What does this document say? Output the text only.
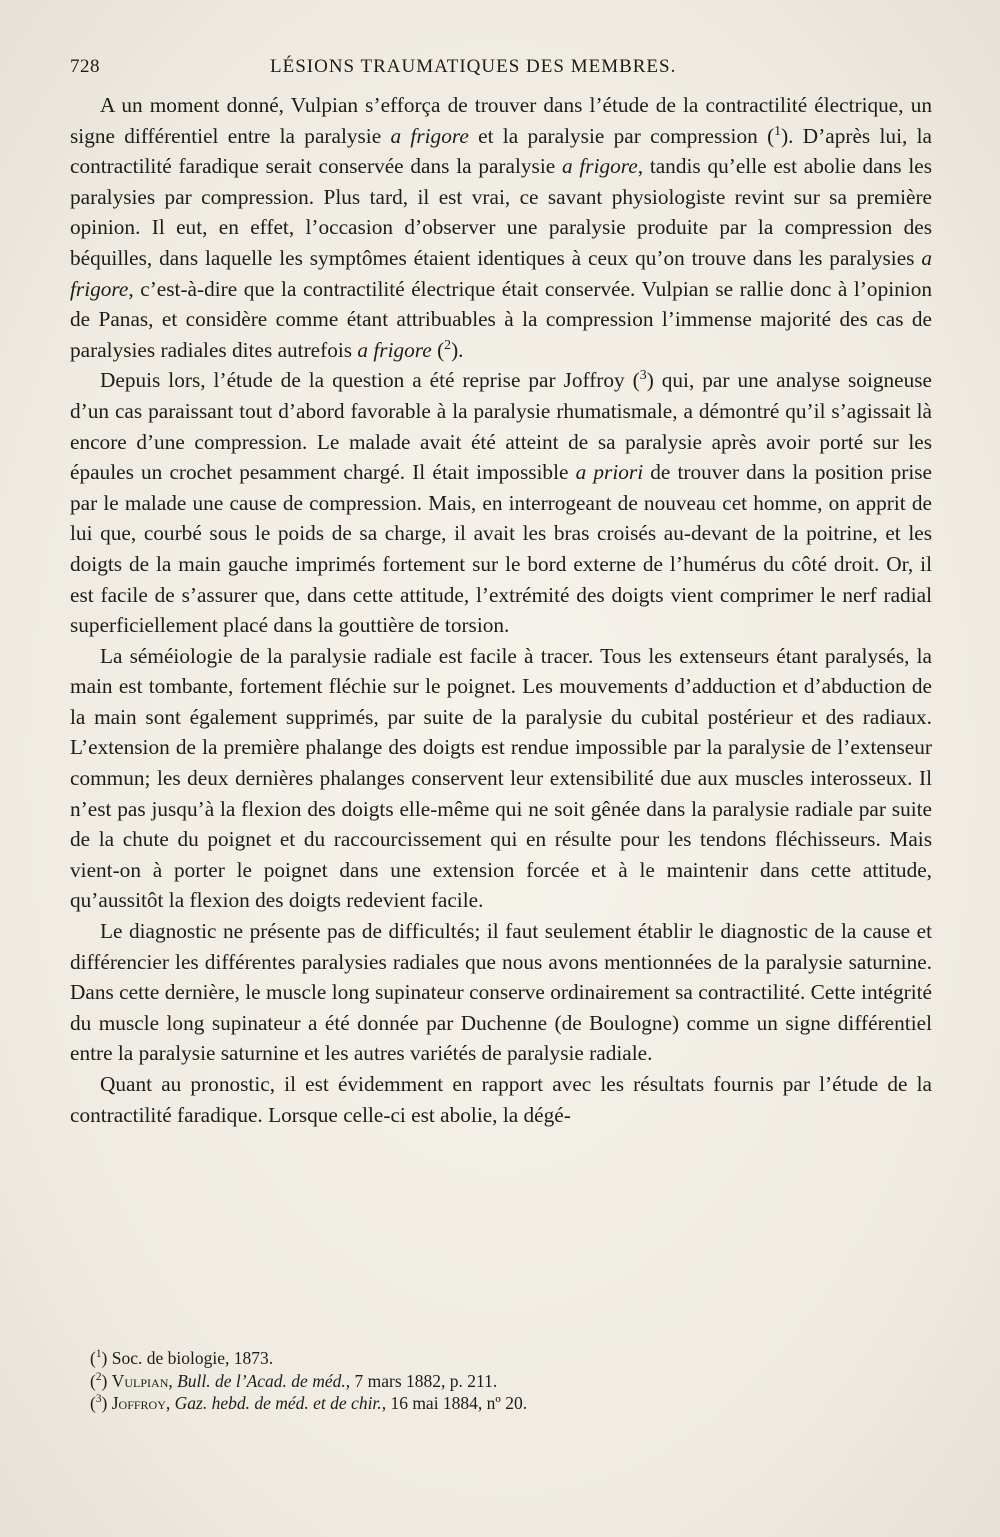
728	LÉSIONS TRAUMATIQUES DES MEMBRES.

A un moment donné, Vulpian s’efforça de trouver dans l’étude de la contractilité électrique, un signe différentiel entre la paralysie a frigore et la paralysie par compression ($^1$). D’après lui, la contractilité faradique serait conservée dans la paralysie a frigore, tandis qu’elle est abolie dans les paralysies par compression. Plus tard, il est vrai, ce savant physiologiste revint sur sa première opinion. Il eut, en effet, l’occasion d’observer une paralysie produite par la compression des béquilles, dans laquelle les symptômes étaient identiques à ceux qu’on trouve dans les paralysies a frigore, c’est-à-dire que la contractilité électrique était conservée. Vulpian se rallie donc à l’opinion de Panas, et considère comme étant attribuables à la compression l’immense majorité des cas de paralysies radiales dites autrefois a frigore ($^2$).

Depuis lors, l’étude de la question a été reprise par Joffroy ($^3$) qui, par une analyse soigneuse d’un cas paraissant tout d’abord favorable à la paralysie rhumatismale, a démontré qu’il s’agissait là encore d’une compression. Le malade avait été atteint de sa paralysie après avoir porté sur les épaules un crochet pesamment chargé. Il était impossible a priori de trouver dans la position prise par le malade une cause de compression. Mais, en interrogeant de nouveau cet homme, on apprit de lui que, courbé sous le poids de sa charge, il avait les bras croisés au-devant de la poitrine, et les doigts de la main gauche imprimés fortement sur le bord externe de l’humérus du côté droit. Or, il est facile de s’assurer que, dans cette attitude, l’extrémité des doigts vient comprimer le nerf radial superficiellement placé dans la gouttière de torsion.

La séméiologie de la paralysie radiale est facile à tracer. Tous les extenseurs étant paralysés, la main est tombante, fortement fléchie sur le poignet. Les mouvements d’adduction et d’abduction de la main sont également supprimés, par suite de la paralysie du cubital postérieur et des radiaux. L’extension de la première phalange des doigts est rendue impossible par la paralysie de l’extenseur commun; les deux dernières phalanges conservent leur extensibilité due aux muscles interosseux. Il n’est pas jusqu’à la flexion des doigts elle-même qui ne soit gênée dans la paralysie radiale par suite de la chute du poignet et du raccourcissement qui en résulte pour les tendons fléchisseurs. Mais vient-on à porter le poignet dans une extension forcée et à le maintenir dans cette attitude, qu’aussitôt la flexion des doigts redevient facile.

Le diagnostic ne présente pas de difficultés; il faut seulement établir le diagnostic de la cause et différencier les différentes paralysies radiales que nous avons mentionnées de la paralysie saturnine. Dans cette dernière, le muscle long supinateur conserve ordinairement sa contractilité. Cette intégrité du muscle long supinateur a été donnée par Duchenne (de Boulogne) comme un signe différentiel entre la paralysie saturnine et les autres variétés de paralysie radiale.

Quant au pronostic, il est évidemment en rapport avec les résultats fournis par l’étude de la contractilité faradique. Lorsque celle-ci est abolie, la dégé-

($^1$) Soc. de biologie, 1873.
($^2$) Vulpian, Bull. de l’Acad. de méd., 7 mars 1882, p. 211.
($^3$) Joffroy, Gaz. hebd. de méd. et de chir., 16 mai 1884, nº 20.
